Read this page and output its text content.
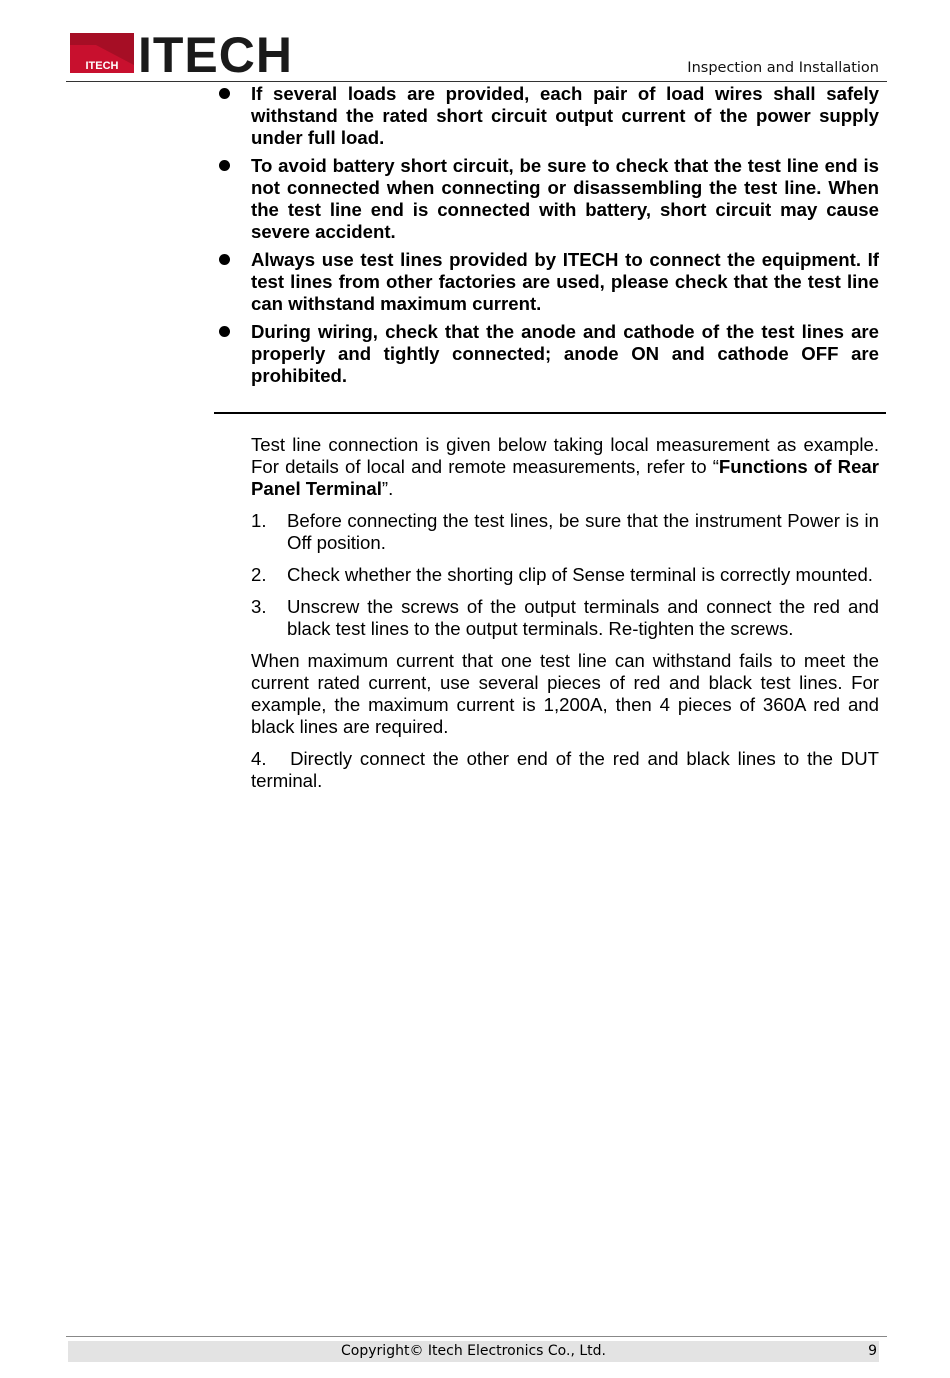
ITECH ITECH	Inspection and Installation
If several loads are provided, each pair of load wires shall safely withstand the rated short circuit output current of the power supply under full load.
To avoid battery short circuit, be sure to check that the test line end is not connected when connecting or disassembling the test line. When the test line end is connected with battery, short circuit may cause severe accident.
Always use test lines provided by ITECH to connect the equipment. If test lines from other factories are used, please check that the test line can withstand maximum current.
During wiring, check that the anode and cathode of the test lines are properly and tightly connected; anode ON and cathode OFF are prohibited.

Test line connection is given below taking local measurement as example. For details of local and remote measurements, refer to “Functions of Rear Panel Terminal”.

1. Before connecting the test lines, be sure that the instrument Power is in Off position.
2. Check whether the shorting clip of Sense terminal is correctly mounted.
3. Unscrew the screws of the output terminals and connect the red and black test lines to the output terminals. Re-tighten the screws.

When maximum current that one test line can withstand fails to meet the current rated current, use several pieces of red and black test lines. For example, the maximum current is 1,200A, then 4 pieces of 360A red and black lines are required.

4.   Directly connect the other end of the red and black lines to the DUT terminal.

Copyright© Itech Electronics Co., Ltd.	9
